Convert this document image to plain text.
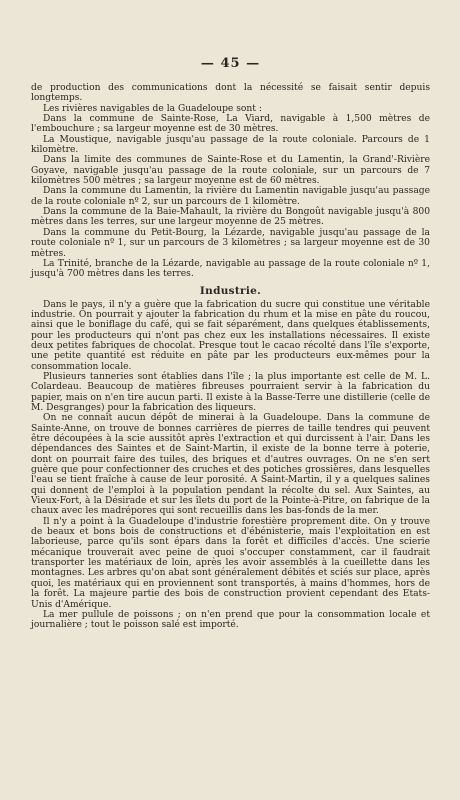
— 45 —

de production des communications dont la nécessité se faisait sentir depuis longtemps.

Les rivières navigables de la Guadeloupe sont :

Dans la commune de Sainte-Rose, La Viard, navigable à 1,500 mètres de l'embouchure ; sa largeur moyenne est de 30 mètres.

La Moustique, navigable jusqu'au passage de la route coloniale. Parcours de 1 kilomètre.

Dans la limite des communes de Sainte-Rose et du Lamentin, la Grand'-Rivière Goyave, navigable jusqu'au passage de la route coloniale, sur un parcours de 7 kilomètres 500 mètres ; sa largeur moyenne est de 60 mètres.

Dans la commune du Lamentin, la rivière du Lamentin navigable jusqu'au passage de la route coloniale nº 2, sur un parcours de 1 kilomètre.

Dans la commune de la Baie-Mahault, la rivière du Bongoût navigable jusqu'à 800 mètres dans les terres, sur une largeur moyenne de 25 mètres.

Dans la commune du Petit-Bourg, la Lézarde, navigable jusqu'au passage de la route coloniale nº 1, sur un parcours de 3 kilomètres ; sa largeur moyenne est de 30 mètres.

La Trinité, branche de la Lézarde, navigable au passage de la route coloniale nº 1, jusqu'à 700 mètres dans les terres.

Industrie.

Dans le pays, il n'y a guère que la fabrication du sucre qui constitue une véritable industrie. On pourrait y ajouter la fabrication du rhum et la mise en pâte du roucou, ainsi que le boniflage du café, qui se fait séparément, dans quelques établissements, pour les producteurs qui n'ont pas chez eux les installations nécessaires. Il existe deux petites fabriques de chocolat. Presque tout le cacao récolté dans l'île s'exporte, une petite quantité est réduite en pâte par les producteurs eux-mêmes pour la consommation locale.

Plusieurs tanneries sont établies dans l'île ; la plus importante est celle de M. L. Colardeau. Beaucoup de matières fibreuses pourraient servir à la fabrication du papier, mais on n'en tire aucun parti. Il existe à la Basse-Terre une distillerie (celle de M. Desgranges) pour la fabrication des liqueurs.

On ne connaît aucun dépôt de minerai à la Guadeloupe. Dans la commune de Sainte-Anne, on trouve de bonnes carrières de pierres de taille tendres qui peuvent être découpées à la scie aussitôt après l'extraction et qui durcissent à l'air. Dans les dépendances des Saintes et de Saint-Martin, il existe de la bonne terre à poterie, dont on pourrait faire des tuiles, des briques et d'autres ouvrages. On ne s'en sert guère que pour confectionner des cruches et des potiches grossières, dans lesquelles l'eau se tient fraîche à cause de leur porosité. A Saint-Martin, il y a quelques salines qui donnent de l'emploi à la population pendant la récolte du sel. Aux Saintes, au Vieux-Fort, à la Désirade et sur les îlets du port de la Pointe-à-Pitre, on fabrique de la chaux avec les madrépores qui sont recueillis dans les bas-fonds de la mer.

Il n'y a point à la Guadeloupe d'industrie forestière proprement dite. On y trouve de beaux et bons bois de constructions et d'ébénisterie, mais l'exploitation en est laborieuse, parce qu'ils sont épars dans la forêt et difficiles d'accès. Une scierie mécanique trouverait avec peine de quoi s'occuper constamment, car il faudrait transporter les matériaux de loin, après les avoir assemblés à la cueillette dans les montagnes. Les arbres qu'on abat sont généralement débités et sciés sur place, après quoi, les matériaux qui en proviennent sont transportés, à mains d'hommes, hors de la forêt. La majeure partie des bois de construction provient cependant des Etats-Unis d'Amérique.

La mer pullule de poissons ; on n'en prend que pour la consommation locale et journalière ; tout le poisson salé est importé.
